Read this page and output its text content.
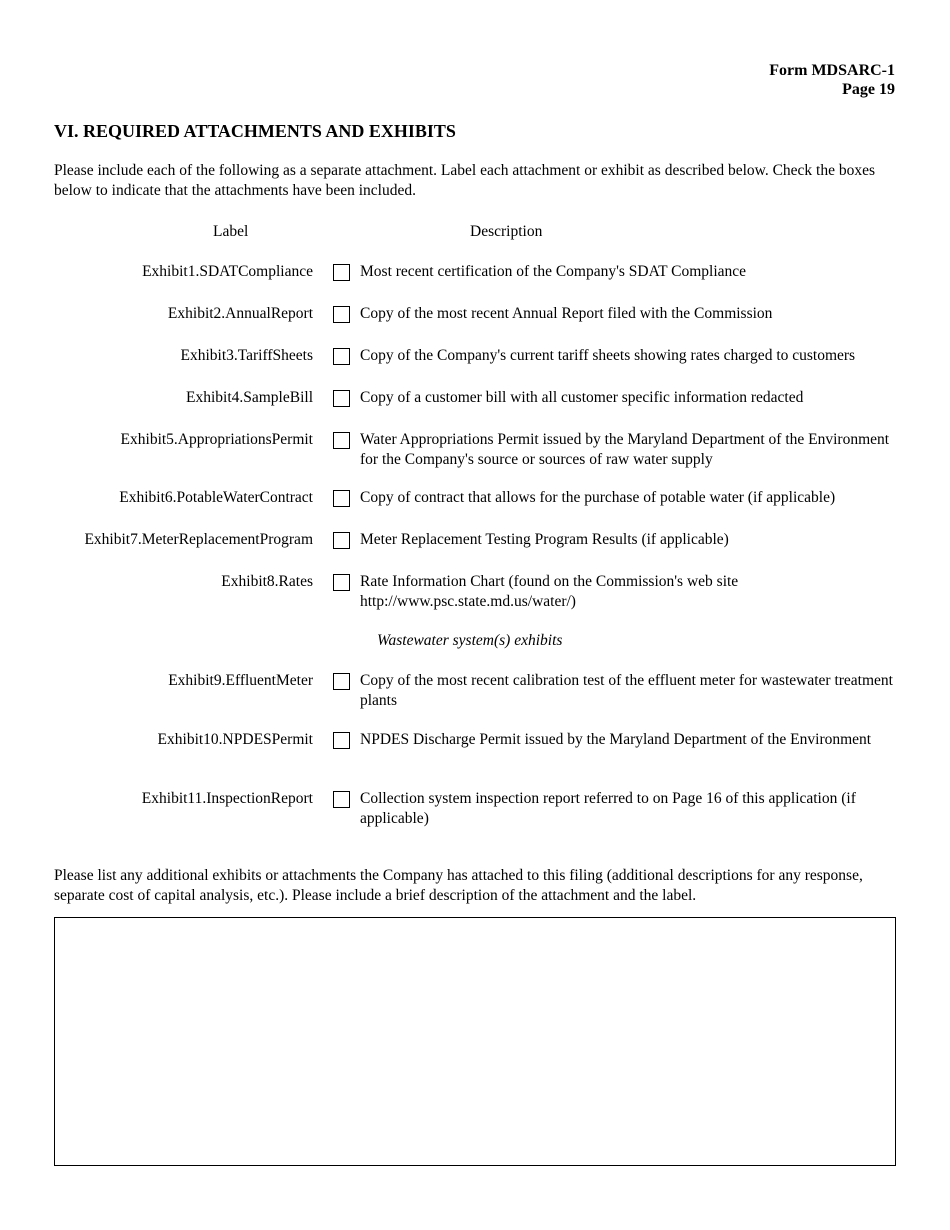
Form MDSARC-1
Page 19
VI. REQUIRED ATTACHMENTS AND EXHIBITS

Please include each of the following as a separate attachment. Label each attachment or exhibit as described below. Check the boxes below to indicate that the attachments have been included.

Label	Description
Exhibit1.SDATCompliance	Most recent certification of the Company's SDAT Compliance
Exhibit2.AnnualReport	Copy of the most recent Annual Report filed with the Commission
Exhibit3.TariffSheets	Copy of the Company's current tariff sheets showing rates charged to customers
Exhibit4.SampleBill	Copy of a customer bill with all customer specific information redacted
Exhibit5.AppropriationsPermit	Water Appropriations Permit issued by the Maryland Department of the Environment for the Company's source or sources of raw water supply
Exhibit6.PotableWaterContract	Copy of contract that allows for the purchase of potable water (if applicable)
Exhibit7.MeterReplacementProgram	Meter Replacement Testing Program Results (if applicable)
Exhibit8.Rates	Rate Information Chart (found on the Commission's web site http://www.psc.state.md.us/water/)
Wastewater system(s) exhibits
Exhibit9.EffluentMeter	Copy of the most recent calibration test of the effluent meter for wastewater treatment plants
Exhibit10.NPDESPermit	NPDES Discharge Permit issued by the Maryland Department of the Environment
Exhibit11.InspectionReport	Collection system inspection report referred to on Page 16 of this application (if applicable)

Please list any additional exhibits or attachments the Company has attached to this filing (additional descriptions for any response, separate cost of capital analysis, etc.). Please include a brief description of the attachment and the label.
